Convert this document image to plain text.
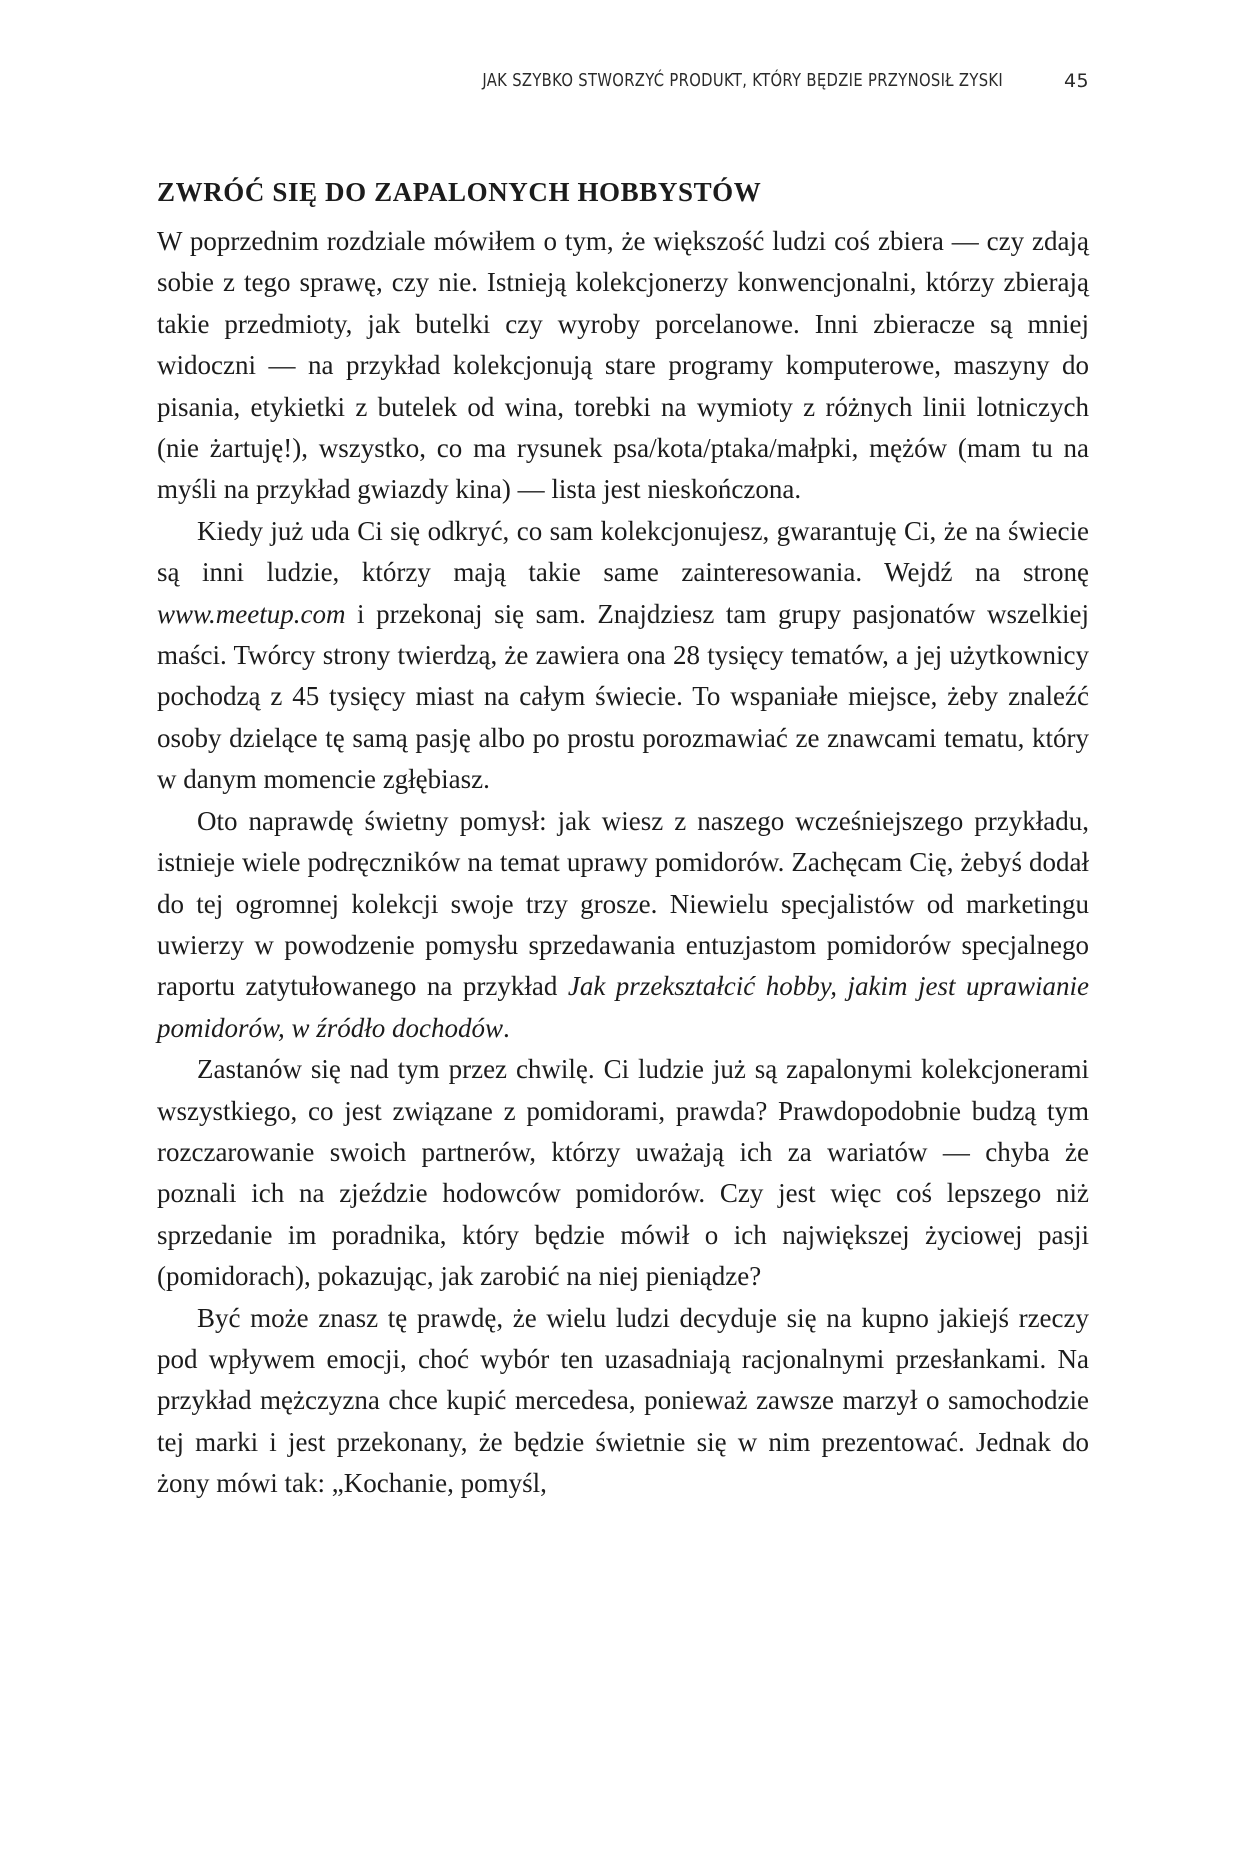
JAK SZYBKO STWORZYĆ PRODUKT, KTÓRY BĘDZIE PRZYNOSIŁ ZYSKI	45
ZWRÓĆ SIĘ DO ZAPALONYCH HOBBYSTÓW

W poprzednim rozdziale mówiłem o tym, że większość ludzi coś zbiera — czy zdają sobie z tego sprawę, czy nie. Istnieją kolekcjonerzy konwencjonalni, którzy zbierają takie przedmioty, jak butelki czy wyroby porcelanowe. Inni zbieracze są mniej widoczni — na przykład kolekcjonują stare programy komputerowe, maszyny do pisania, etykietki z butelek od wina, torebki na wymioty z różnych linii lotniczych (nie żartuję!), wszystko, co ma rysunek psa/kota/ptaka/małpki, mężów (mam tu na myśli na przykład gwiazdy kina) — lista jest nieskończona.

Kiedy już uda Ci się odkryć, co sam kolekcjonujesz, gwarantuję Ci, że na świecie są inni ludzie, którzy mają takie same zainteresowania. Wejdź na stronę www.meetup.com i przekonaj się sam. Znajdziesz tam grupy pasjonatów wszelkiej maści. Twórcy strony twierdzą, że zawiera ona 28 tysięcy tematów, a jej użytkownicy pochodzą z 45 tysięcy miast na całym świecie. To wspaniałe miejsce, żeby znaleźć osoby dzielące tę samą pasję albo po prostu porozmawiać ze znawcami tematu, który w danym momencie zgłębiasz.

Oto naprawdę świetny pomysł: jak wiesz z naszego wcześniejszego przykładu, istnieje wiele podręczników na temat uprawy pomidorów. Zachęcam Cię, żebyś dodał do tej ogromnej kolekcji swoje trzy grosze. Niewielu specjalistów od marketingu uwierzy w powodzenie pomysłu sprzedawania entuzjastom pomidorów specjalnego raportu zatytułowanego na przykład Jak przekształcić hobby, jakim jest uprawianie pomidorów, w źródło dochodów.

Zastanów się nad tym przez chwilę. Ci ludzie już są zapalonymi kolekcjonerami wszystkiego, co jest związane z pomidorami, prawda? Prawdopodobnie budzą tym rozczarowanie swoich partnerów, którzy uważają ich za wariatów — chyba że poznali ich na zjeździe hodowców pomidorów. Czy jest więc coś lepszego niż sprzedanie im poradnika, który będzie mówił o ich największej życiowej pasji (pomidorach), pokazując, jak zarobić na niej pieniądze?

Być może znasz tę prawdę, że wielu ludzi decyduje się na kupno jakiejś rzeczy pod wpływem emocji, choć wybór ten uzasadniają racjonalnymi przesłankami. Na przykład mężczyzna chce kupić mercedesa, ponieważ zawsze marzył o samochodzie tej marki i jest przekonany, że będzie świetnie się w nim prezentować. Jednak do żony mówi tak: „Kochanie, pomyśl,
